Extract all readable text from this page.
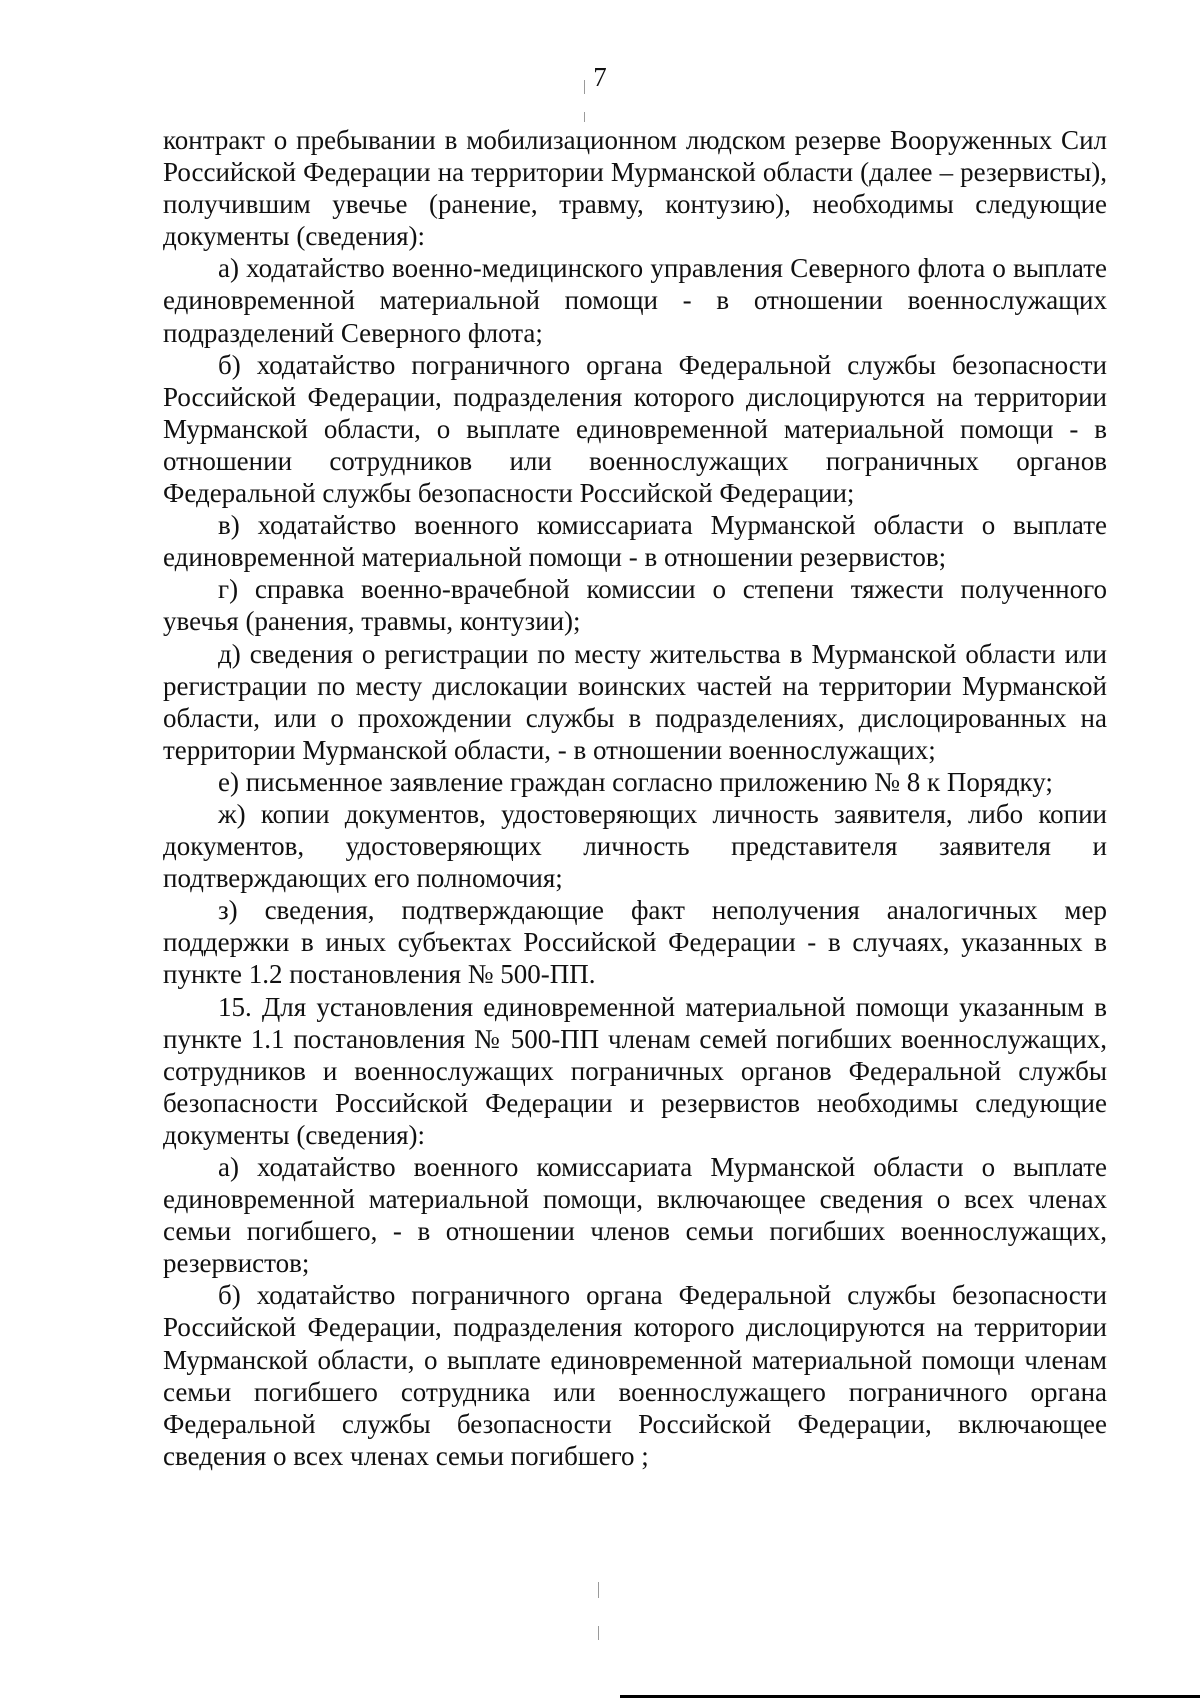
7

контракт о пребывании в мобилизационном людском резерве Вооруженных Сил Российской Федерации на территории Мурманской области (далее – резервисты), получившим увечье (ранение, травму, контузию), необходимы следующие документы (сведения):

а) ходатайство военно-медицинского управления Северного флота о выплате единовременной материальной помощи - в отношении военнослужащих подразделений Северного флота;

б) ходатайство пограничного органа Федеральной службы безопасности Российской Федерации, подразделения которого дислоцируются на территории Мурманской области, о выплате единовременной материальной помощи - в отношении сотрудников или военнослужащих пограничных органов Федеральной службы безопасности Российской Федерации;

в) ходатайство военного комиссариата Мурманской области о выплате единовременной материальной помощи - в отношении резервистов;

г) справка военно-врачебной комиссии о степени тяжести полученного увечья (ранения, травмы, контузии);

д) сведения о регистрации по месту жительства в Мурманской области или регистрации по месту дислокации воинских частей на территории Мурманской области, или о прохождении службы в подразделениях, дислоцированных на территории Мурманской области, - в отношении военнослужащих;

е) письменное заявление граждан согласно приложению № 8 к Порядку;

ж) копии документов, удостоверяющих личность заявителя, либо копии документов, удостоверяющих личность представителя заявителя и подтверждающих его полномочия;

з) сведения, подтверждающие факт неполучения аналогичных мер поддержки в иных субъектах Российской Федерации - в случаях, указанных в пункте 1.2 постановления № 500-ПП.

15. Для установления единовременной материальной помощи указанным в пункте 1.1 постановления № 500-ПП членам семей погибших военнослужащих, сотрудников и военнослужащих пограничных органов Федеральной службы безопасности Российской Федерации и резервистов необходимы следующие документы (сведения):

а) ходатайство военного комиссариата Мурманской области о выплате единовременной материальной помощи, включающее сведения о всех членах семьи погибшего, - в отношении членов семьи погибших военнослужащих, резервистов;

б) ходатайство пограничного органа Федеральной службы безопасности Российской Федерации, подразделения которого дислоцируются на территории Мурманской области, о выплате единовременной материальной помощи членам семьи погибшего сотрудника или военнослужащего пограничного органа Федеральной службы безопасности Российской Федерации, включающее сведения о всех членах семьи погибшего ;
